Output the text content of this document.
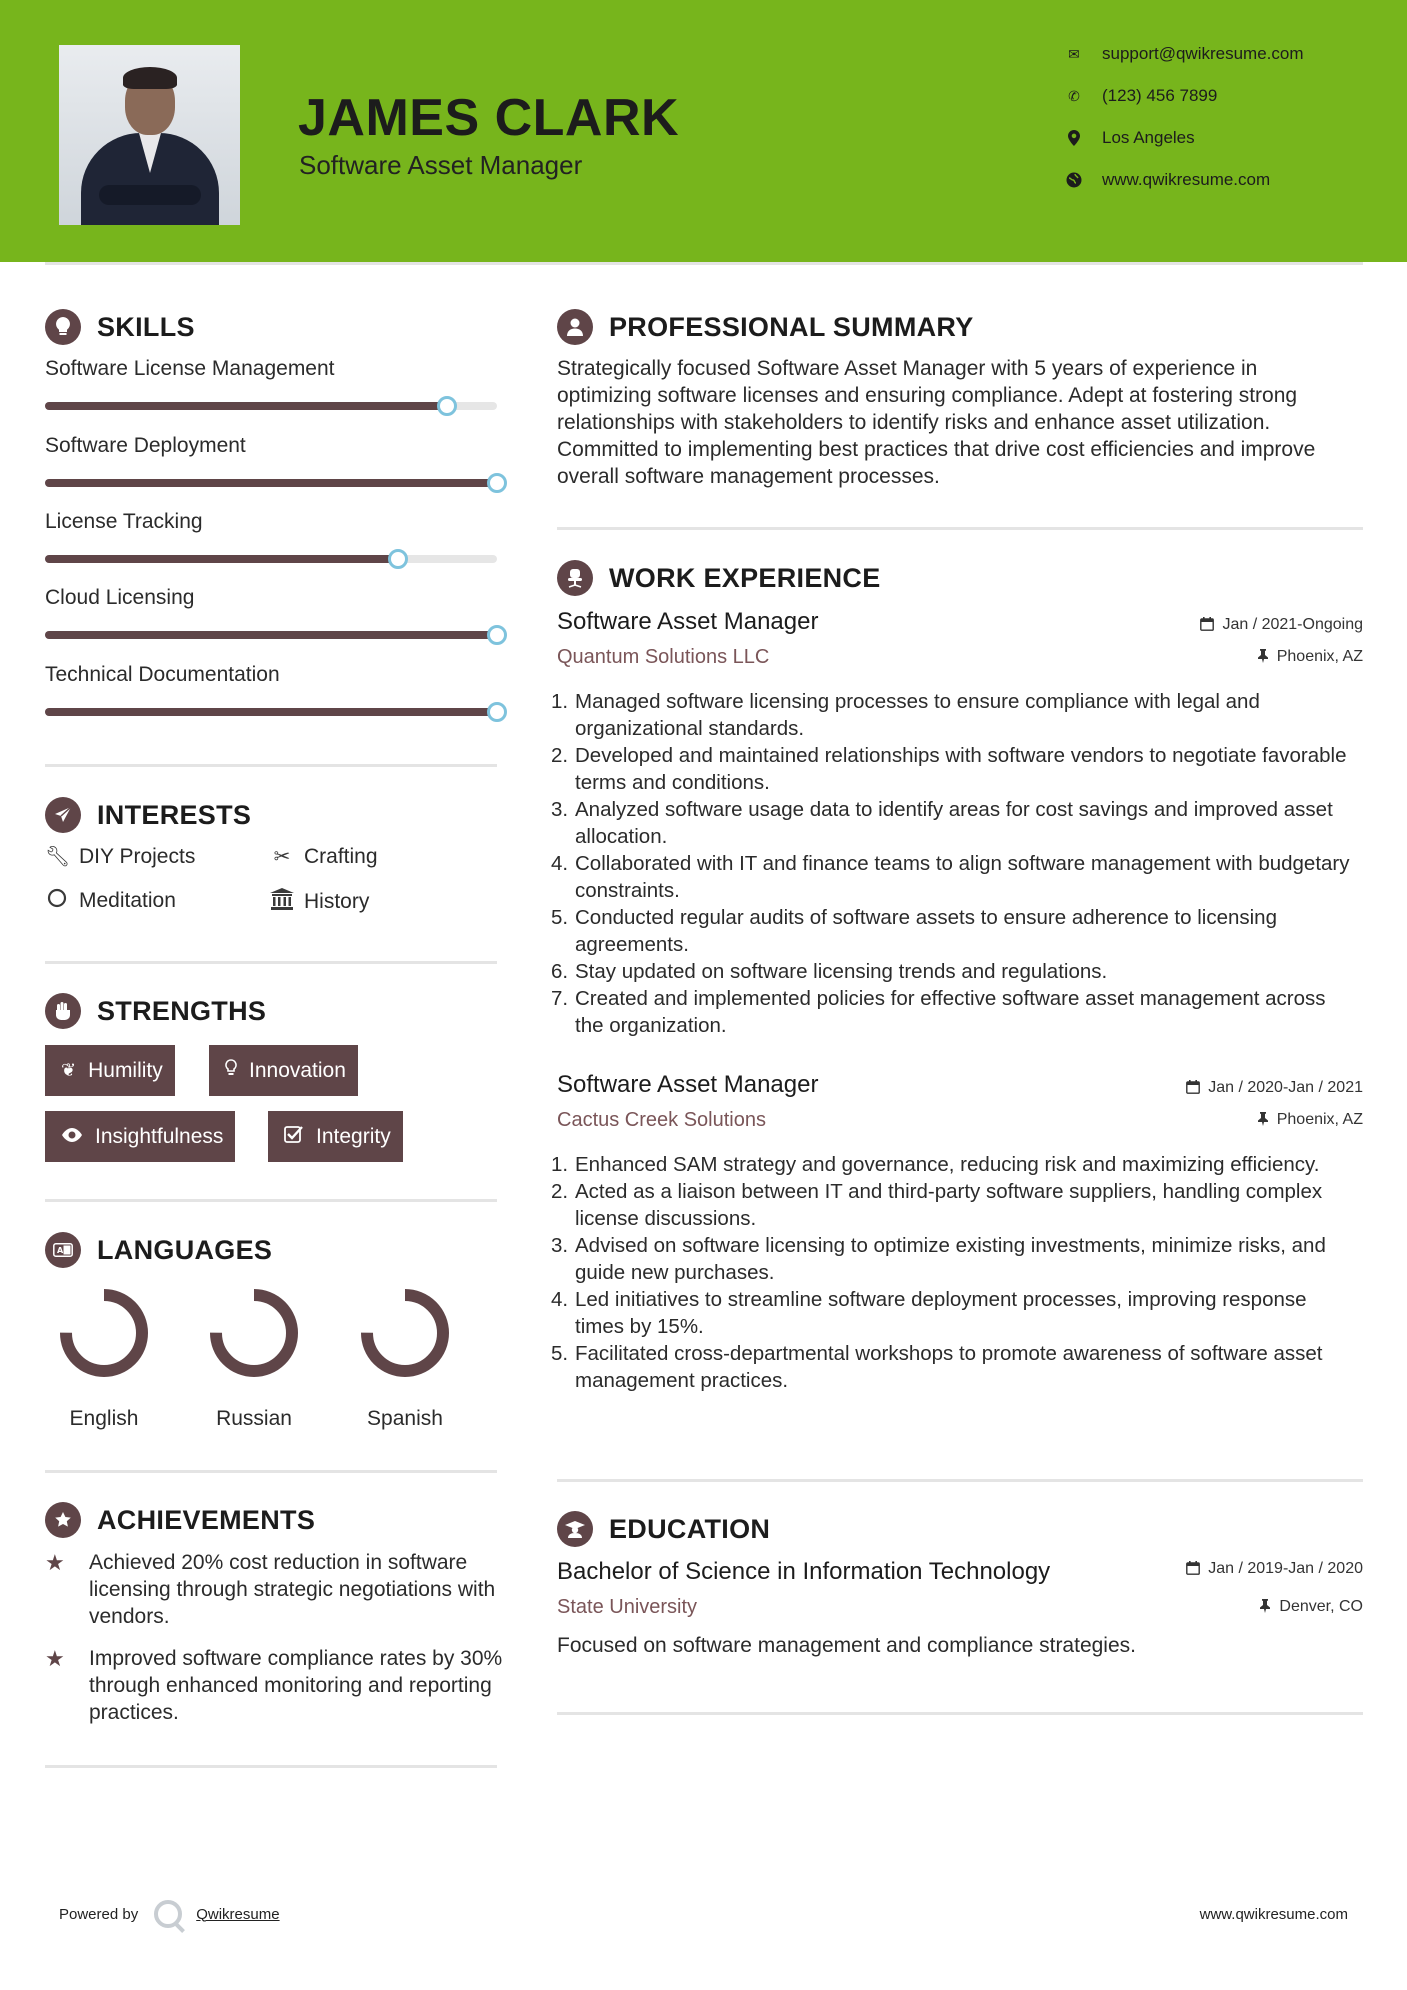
JAMES CLARK
Software Asset Manager
✉ support@qwikresume.com
✆ (123) 456 7899
Los Angeles
www.qwikresume.com
SKILLS
Software License Management
Software Deployment
License Tracking
Cloud Licensing
Technical Documentation
INTERESTS
🔧︎ DIY Projects	✂ Crafting
Meditation	History
STRENGTHS
❦ Humility	Innovation
Insightfulness	Integrity
A LANGUAGES
English	Russian	Spanish
ACHIEVEMENTS
★	Achieved 20% cost reduction in software licensing through strategic negotiations with vendors.
★	Improved software compliance rates by 30% through enhanced monitoring and reporting practices.
PROFESSIONAL SUMMARY
Strategically focused Software Asset Manager with 5 years of experience in optimizing software licenses and ensuring compliance. Adept at fostering strong relationships with stakeholders to identify risks and enhance asset utilization. Committed to implementing best practices that drive cost efficiencies and improve overall software management processes.
WORK EXPERIENCE
Software Asset Manager	Jan / 2021-Ongoing
Quantum Solutions LLC	Phoenix, AZ
Managed software licensing processes to ensure compliance with legal and organizational standards.
Developed and maintained relationships with software vendors to negotiate favorable terms and conditions.
Analyzed software usage data to identify areas for cost savings and improved asset allocation.
Collaborated with IT and finance teams to align software management with budgetary constraints.
Conducted regular audits of software assets to ensure adherence to licensing agreements.
Stay updated on software licensing trends and regulations.
Created and implemented policies for effective software asset management across the organization.
Software Asset Manager	Jan / 2020-Jan / 2021
Cactus Creek Solutions	Phoenix, AZ
Enhanced SAM strategy and governance, reducing risk and maximizing efficiency.
Acted as a liaison between IT and third-party software suppliers, handling complex license discussions.
Advised on software licensing to optimize existing investments, minimize risks, and guide new purchases.
Led initiatives to streamline software deployment processes, improving response times by 15%.
Facilitated cross-departmental workshops to promote awareness of software asset management practices.
EDUCATION
Bachelor of Science in Information Technology	Jan / 2019-Jan / 2020
State University	Denver, CO
Focused on software management and compliance strategies.
Powered by	Qwikresume	www.qwikresume.com
